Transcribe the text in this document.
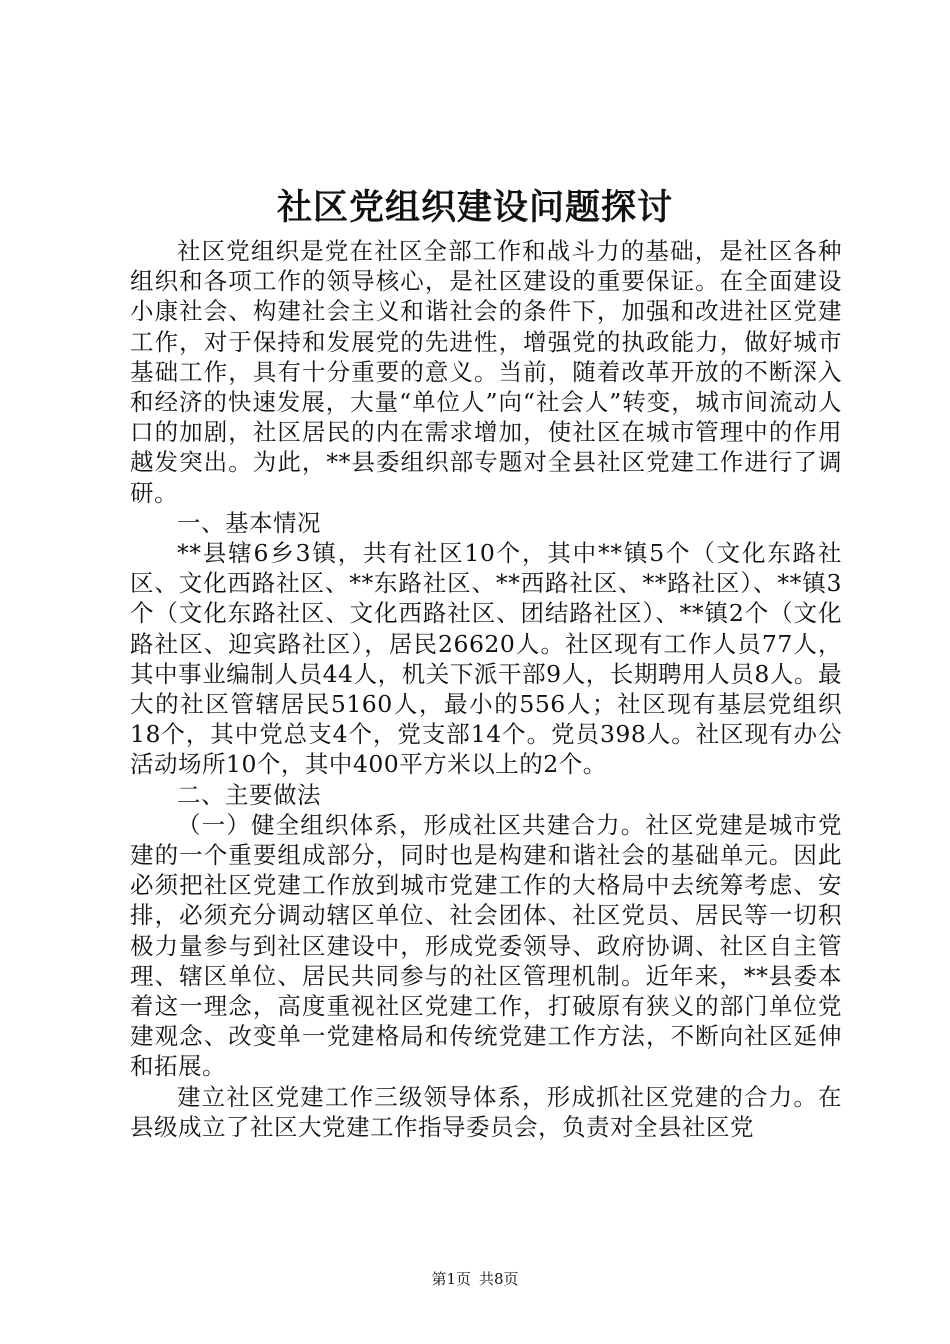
社区党组织建设问题探讨

社区党组织是党在社区全部工作和战斗力的基础，是社区各种组织和各项工作的领导核心，是社区建设的重要保证。在全面建设小康社会、构建社会主义和谐社会的条件下，加强和改进社区党建工作，对于保持和发展党的先进性，增强党的执政能力，做好城市基础工作，具有十分重要的意义。当前，随着改革开放的不断深入和经济的快速发展，大量“单位人”向“社会人”转变，城市间流动人口的加剧，社区居民的内在需求增加，使社区在城市管理中的作用越发突出。为此，**县委组织部专题对全县社区党建工作进行了调研。

一、基本情况

**县辖6乡3镇，共有社区10个，其中**镇5个（文化东路社区、文化西路社区、**东路社区、**西路社区、**路社区）、**镇3个（文化东路社区、文化西路社区、团结路社区）、**镇2个（文化路社区、迎宾路社区），居民26620人。社区现有工作人员77人，其中事业编制人员44人，机关下派干部9人，长期聘用人员8人。最大的社区管辖居民5160人，最小的556人；社区现有基层党组织18个，其中党总支4个，党支部14个。党员398人。社区现有办公活动场所10个，其中400平方米以上的2个。

二、主要做法

（一）健全组织体系，形成社区共建合力。社区党建是城市党建的一个重要组成部分，同时也是构建和谐社会的基础单元。因此必须把社区党建工作放到城市党建工作的大格局中去统筹考虑、安排，必须充分调动辖区单位、社会团体、社区党员、居民等一切积极力量参与到社区建设中，形成党委领导、政府协调、社区自主管理、辖区单位、居民共同参与的社区管理机制。近年来，**县委本着这一理念，高度重视社区党建工作，打破原有狭义的部门单位党建观念、改变单一党建格局和传统党建工作方法，不断向社区延伸和拓展。

建立社区党建工作三级领导体系，形成抓社区党建的合力。在县级成立了社区大党建工作指导委员会，负责对全县社区党

第1页 共8页
